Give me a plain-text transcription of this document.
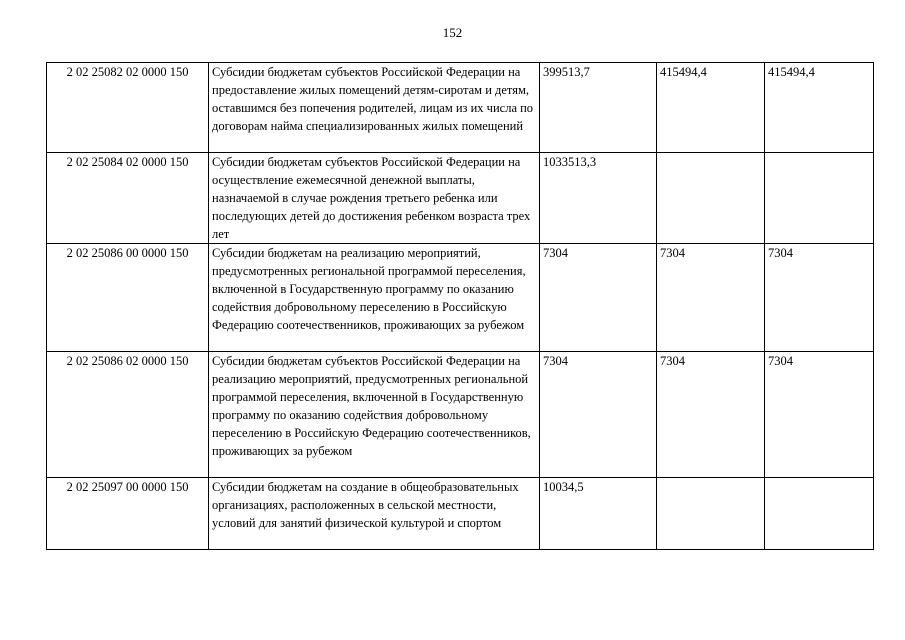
152
2 02 25082 02 0000 150	Субсидии бюджетам субъектов Российской Федерации на предоставление жилых помещений детям-сиротам и детям, оставшимся без попечения родителей, лицам из их числа по договорам найма специализированных жилых помещений	399513,7	415494,4	415494,4
2 02 25084 02 0000 150	Субсидии бюджетам субъектов Российской Федерации на осуществление ежемесячной денежной выплаты, назначаемой в случае рождения третьего ребенка или последующих детей до достижения ребенком возраста трех лет	1033513,3		
2 02 25086 00 0000 150	Субсидии бюджетам на реализацию мероприятий, предусмотренных региональной программой переселения, включенной в Государственную программу по оказанию содействия добровольному переселению в Российскую Федерацию соотечественников, проживающих за рубежом	7304	7304	7304
2 02 25086 02 0000 150	Субсидии бюджетам субъектов Российской Федерации на реализацию мероприятий, предусмотренных региональной программой переселения, включенной в Государственную программу по оказанию содействия добровольному переселению в Российскую Федерацию соотечественников, проживающих за рубежом	7304	7304	7304
2 02 25097 00 0000 150	Субсидии бюджетам на создание в общеобразовательных организациях, расположенных в сельской местности, условий для занятий физической культурой и спортом	10034,5		
